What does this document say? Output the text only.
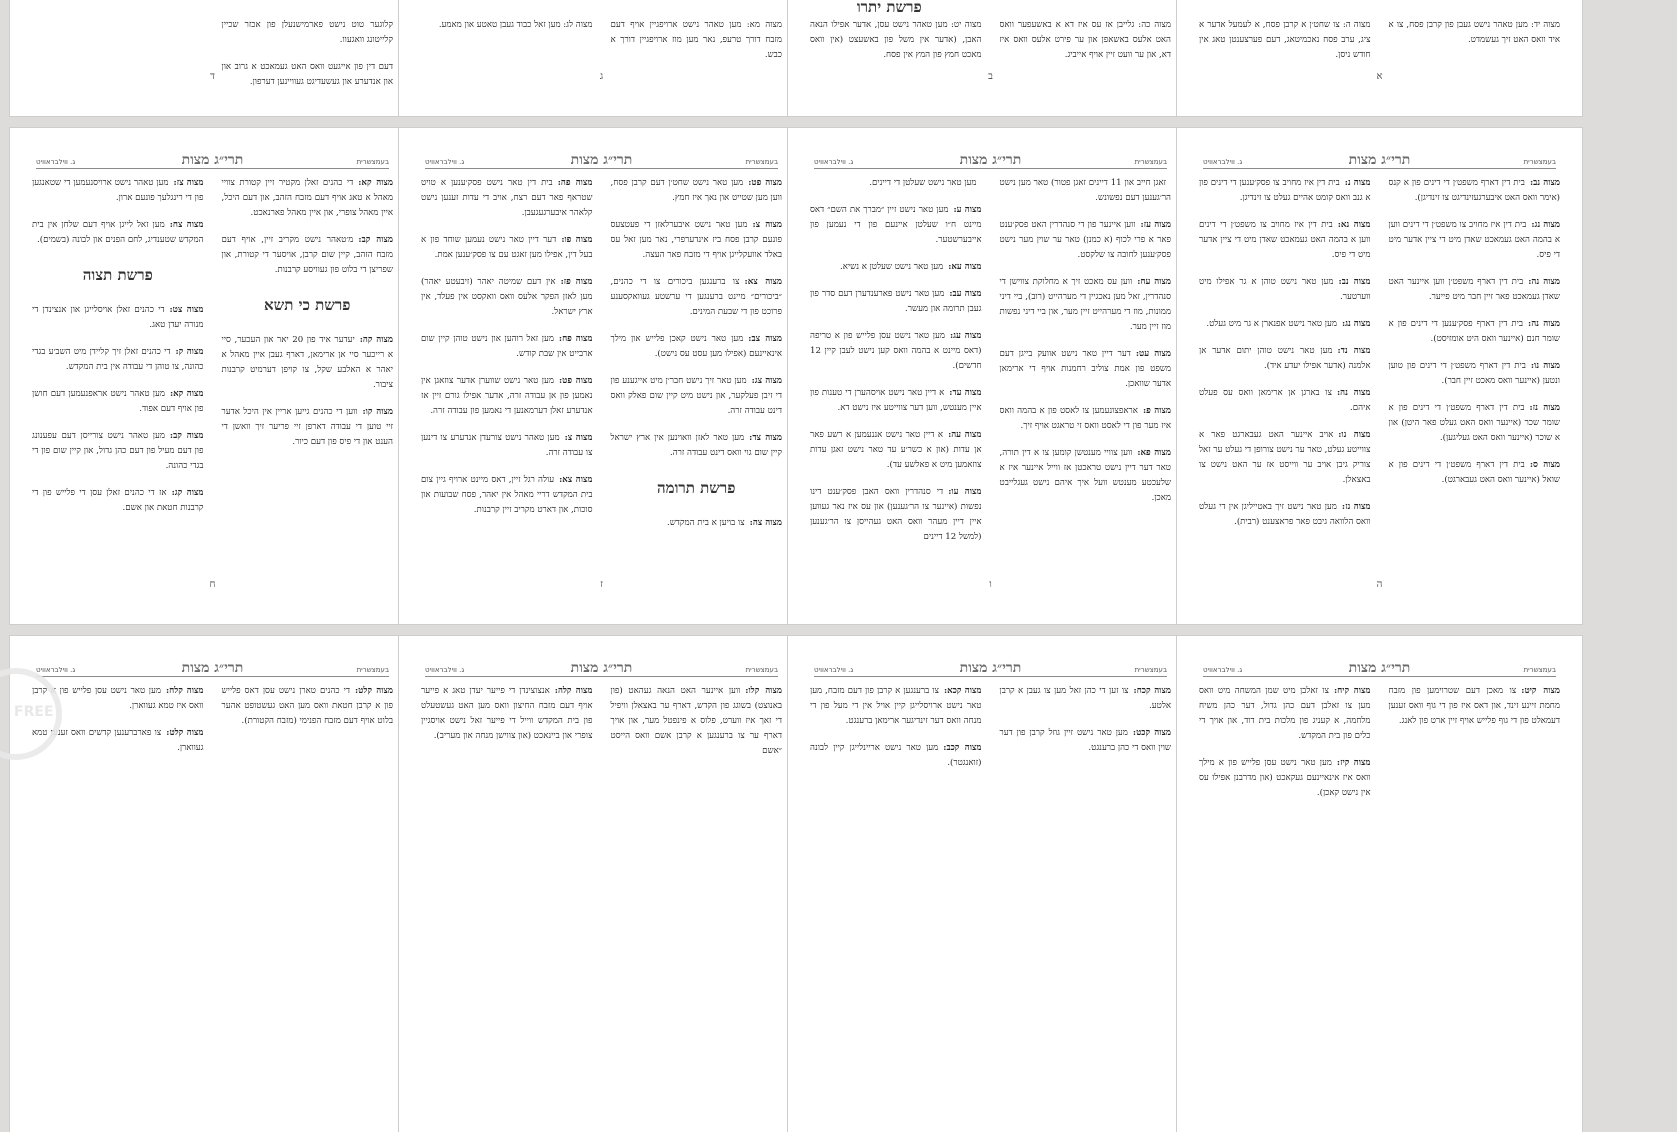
קלוגער טוט נישט פארמישנעלן פון אכזר שכיין קלייטונג וואגעוו.
דעם דין פון אייגעט וואס האט געמאכט א גרוב און און אנדערע און געשעדיגט געוויינען דערפון.
ד
מצוה מא: מען טאהר נישט ארויפגיין אויף דעם מזבח דורך טרעפ, נאר מען מוז ארויפגיין דורך א כבש.
מצוה לג: מען זאל כבוד געבן טאטע און מאמע.
ג
מצוה כה: גלייבן אז עס איז דא א באשעפער וואס האט אלעס באשאפן און ער פירט אלעס וואס איז דא, און ער וועט זיין אויף אייביג.
מצוה יט: מען טאהר נישט עסן, אדער אפילו הנאה האבן, (אדער אין משל פון באשעצט (אין וואס מאכט חמץ פון המץ אין פסח.
פרשת יתרו
ב
מצוה יד: מען טאהר נישט געבן פון קרבן פסח, צו א איד וואס האט זיך געשמדט.
מצוה ה: צו שחט׳ן א קרבן פסח, א לעמעל אדער א ציג, ערב פסח נאכמיטאג, דעם פערצענטן טאג אין חודש ניסן.
א
בעמצשרית
תרי״ג מצות
ג. ווילבראוויט
מצוה קא:די כהנים זאלן מקטיר זיין קטורת צוויי מאהל א טאג אויף דעם מזבח הזהב, און דעם היכל, איין מאהל צופרי, און איין מאהל פארנאכט.
מצוה קב:מ׳טאהר נישט מקריב זיין, אויף דעם מזבח הזהב, קיין שום קרבן, אויסער די קטורת, און שפריצן די בלוט פון געוויסע קרבנות.
פרשת כי תשא
מצוה קה:יעדער איד פון 20 יאר און העכער, סיי א רייכער סיי אן ארימאן, דארף געבן איין מאהל א יאהר א האלבע שקל, צו קויפן דערמיט קרבנות ציבור.
מצוה קו:ווען די כהנים גייען אריין אין היכל אדער זיי טוען די עבודה דארפן זיי פריער זיך וואשן די הענט און די פיס פון דעם כיור.
מצוה צז:מען טאהר נישט ארויסנעמען די שטאנגען פון די רינגלעך פונעם ארון.
מצוה צח:מען זאל לייגן אויף דעם שלחן אין בית המקדש שטענדיג, לחם הפנים און לבונה (בשמים).
פרשת תצוה
מצוה צט:די כהנים זאלן אויסלייגן און אנצינדן די מנורה יעדן טאג.
מצוה ק:די כהנים זאלן זיך קליידן מיט השב׳ע בגדי כהונה, צו טוהן די עבודה אין בית המקדש.
מצוה קא:מען טאהר נישט אראפנעמען דעם חושן פון אויף דעם אפוד.
מצוה קב:מען טאהר נישט צורייסן דעם עפענונג פון דעם מעיל פון דעם כהן גדול, און קיין שום פון די בגדי כהונה.
מצוה קג:אז די כהנים זאלן עסן די פלייש פון די קרבנות חטאת און אשם.
ח
בעמצשרית
תרי״ג מצות
ג. ווילבראוויט
מצוה פט:מען טאר נישט שחט׳ן דעם קרבן פסח, ווען מען שטייט און נאך איז חמץ.
מצוה צ:מען טאר נישט איבערלאזן די פעטצעס פונעם קרבן פסח ביז אינדערפרי, נאר מען זאל עס באלד אוועקלייגן אויף די מזבח פאר העצה.
מצוה צא:צו ברענגען ביכורים צו די כהנים, ״ביכורים״ מיינט ברענגען די ערשטע געוואקסענע פרוכט פון די שבעת המינים.
מצוה צב:מען טאר נישט קאכן פלייש און מילך אינאיינעם (אפילו מען עסט עס נישט).
מצוה צג:מען טאר זיך נישט חבר׳ן מיט אייגענע פון די זיבן פעלקער, און נישט מיט קיין שום פאלק וואס דינט עבודה זרה.
מצוה צד:מען טאר לאזן וואוינען אין ארץ ישראל קיין שום גוי וואס דינט עבודה זרה.
פרשת תרומה
מצוה צה:צו בויען א בית המקדש.
מצוה פה:בית דין טאר נישט פסק׳ענען א טויט שטראף פאר דעם רצח, אויב די עדות זענען נישט קלאהר איבערגעגעבן.
מצוה פו:דער דיין טאר נישט נעמען שוחד פון א בעל דין, אפילו מען זאגט עם צו פסק׳ענען אמת.
מצוה פז:אין דעם שמיטה יאהר (זיבעטע יאהר) מען לאזן הפקר אלעס וואס וואקסט אין פעלד, אין ארץ ישראל.
מצוה פח:מען זאל רוהען און נישט טוהן קיין שום ארבייט אין שבת קודש.
מצוה פט:מען טאר נישט שווערן אדער צוזאגן אין נאמען פון אן עבודה זרה, אדער אפילו גורם זיין אז אנדערע זאלן דערמאנען די נאמען פון עבודה זרה.
מצוה צ:מען טאהר נישט צורעדן אנדערע צו דינען צו עבודה זרה.
מצוה צא:עולה רגל זיין, דאס מיינט ארויף גיין צום בית המקדש דריי מאהל אין יאהר, פסח שבועות און סוכות, און דארט מקריב זיין קרבנות.
ז
בעמצשרית
תרי״ג מצות
ג. ווילבראוויט
זאגן חייב און 11 דיינים זאגן פטור) טאר מען נישט הר׳גענען דעם נפשונש.
מצוה עז:ווען איינער פון די סנהדרין האט פסק׳ענט פאר א פרי לכוף (א כמנן) טאר ער שוין מער נישט פסק׳ענען לחובה צו שלקסט.
מצוה עח:ווען עס מאכט זיך א מחלוקת צווישן די סנהדרין, זאל מען נאכגיין די מערהייט (רוב), ביי דיני ממונות, מוז די מערהייט זיין מער, און ביי דיני נפשות מוז זיין מער.
מצוה עט:דער דיין טאר נישט אוועק בייגן דעם משפט פון אמת צוליב רחמנות אויף די ארימאן אדער שוואכן.
מצוה פ:אראפצונעמען צו לאסט פון א בהמה וואס איז מער פון די לאסט וואס זי טראגט אויף זיך.
מצוה פא:ווען צוויי מענטשן קומען צו א דין תורה, טאר דער דיין נישט טראכטן אז ווייל איינער איז א שלעכטע מענטש וועל איך איהם נישט געגלייבט מאכן.
מען טאר נישט שעלטן די דיינים.
מצוה ע:מען טאר נישט זיין ״מברך את השם״ דאס מיינט ח״ו שעלטן איינעם פון די נעמען פון אייבערשטער.
מצוה עא:מען טאר נישט שעלטן א נשיא.
מצוה עב:מען טאר נישט פארענדערן דעם סדר פון געבן תרומה און מעשר.
מצוה עג:מען טאר נישט עסן פלייש פון א טריפה (דאס מיינט א בהמה וואס קען נישט לעבן קיין 12 חדשים).
מצוה עד:א דיין טאר נישט אויסהערן די טענות פון איין מענטש, ווען דער צווייטע איז נישט דא.
מצוה עה:א דיין טאר נישט אננעמען א רשע פאר אן עדות (און א כשר׳ע עד טאר נישט זאגן עדות צוזאמען מיט א פאלשע עד).
מצוה עו:די סנהדרין וואס האבן פסק׳ענט דינו נפשות (איינער צו הר׳גענען) און עס איז נאר געווען איין דיין מעהר וואס האט געהייסן צו הר׳גענען (למשל 12 דיינים
ו
בעמצשרית
תרי״ג מצות
ג. ווילבראוויט
מצוה נב:בית דין דארף משפט׳ן די דינים פון א קנס (אימר וואס האט איבערגעזינדיגט צו זינדיגן).
מצוה נג:בית דין איז מחויב צו משפט׳ן די דינים ווען א בהמה האט געמאכט שאדן מיט די ציין אדער מיט די פיס.
מצוה נה:בית דין דארף משפט׳ן ווען איינער האט שאדן געמאכט פאר זיין חבר מיט פייער.
מצוה נה:בית דין דארף פסק׳ענען די דינים פון א שומר חנם (איינער וואס היט אומזיסט).
מצוה נו:בית דין דארף משפט׳ן די דינים פון טוען ונטען (איינער וואס מאכט זיין חבר).
מצוה נז:בית דין דארף משפט׳ן די דינים פון א שומר שכר (איינער וואס האט געלט פאר היטן) און א שוכר (איינער וואס האט געליגען).
מצוה ס:בית דין דארף משפט׳ן די דינים פון א שואל (איינער וואס האט געבארגט).
מצוה נ:בית דין איז מחויב צו פסק׳ענען די דינים פון א גנב וואס קומט אהיים געלט צו זינדיגן.
מצוה נא:בית דין איז מחויב צו משפט׳ן די דינים ווען א בהמה האט געמאכט שאדן מיט די ציין אדער מיט די פיס.
מצוה נב:מען טאר נישט טוהן א גר אפילו מיט ווערטער.
מצוה נג:מען טאר נישט אפנארן א גר מיט געלט.
מצוה נד:מען טאר נישט טוהן יתום אדער אן אלמנה (אדער אפילו יעדע איד).
מצוה נה:צו בארגן אן ארימאן וואס עס פעלט איהם.
מצוה נו:אויב איינער האט געבארגט פאר א צווייטע געלט, טאר ער נישט צורופן די געלט ער זאל צוריק גיבן אויב ער ווייסט אז ער האט נישט צו באצאלן.
מצוה נז:מען טאר נישט זיך באטייליגן אין די געלט וואס הלוואה גיבט פאר פראצענט (רבית).
ה
בעמצשרית
תרי״ג מצות
ג. ווילבראוויט
מצוה קלט:די כהנים טארן נישט עסן דאס פלייש פון א קרבן חטאת וואס מען האט געשטופט אהער בלוט אויף דעם מזבח הפנימי (מזבח הקטורת).
מצוה קלח:מען טאר נישט עסן פלייש פון א קרבן וואס איז טמא געווארן.
מצוה קלט:צו פארברענען קדשים וואס זענען טמא געווארן.
בעמצשרית
תרי״ג מצות
ג. ווילבראוויט
מצוה קלו:ווען איינער האט הנאה געהאט (פון באנוצט) בשוגג פון הקדש, דארף ער באצאלן וויפיל די זאך איז ווערט, פלוס א פינפטל מער, און אויך דארף ער צו ברענגען א קרבן אשם וואס הייסט ״אשם
מצוה קלה:אנצוצינדן די פייער יעדן טאג א פייער אויף דעם מזבח החיצון וואס מען האט געשטעלט פון בית המקדש ווייל די פייער זאל נישט אויסגיין צופרי און ביינאכט (און צווישן מנחה און מעריב).
בעמצשרית
תרי״ג מצות
ג. ווילבראוויט
מצוה קכח:צו זען די כהן זאל מען צו געבן א קרבן אלטע.
מצוה קכט:מען טאר נישט זיין גוזל קרבן פון דער שוין וואס די כהן ברענגט.
מצוה קכא:צו ברענגען א קרבן פון דעם מזבח, מען טאר נישט ארויסלייגן קיין אויל אין די מעל פון די מנחה וואס דער זינדיגער ארימאן ברענגט.
מצוה קכב:מען טאר נישט אריינלייגן קיין לבונה (זואנגטר).
בעמצשרית
תרי״ג מצות
ג. ווילבראוויט
מצוה קיט:צו מאכן דעם שטרוימען פון מזבח מחמת זיינע זינד, און דאס איז פון די גוף וואס זענען דעמאלט פון די גוף פלייש אויף זיין ארט פון לאנג.
מצוה קיח:צו זאלבן מיט שמן המשחה מיט וואס מען צו זאלבן דעם כהן גדול, דער כהן משיח מלחמה, א קעניג פון מלכות בית דוד, און אויך די כלים פון בית המקדש.
מצוה קיז:מען טאר נישט עסן פלייש פון א מילך וואס איז אינאיינעם געקאכט (און מדרבנן אפילו עס אין נישט קאכן).
FREE
